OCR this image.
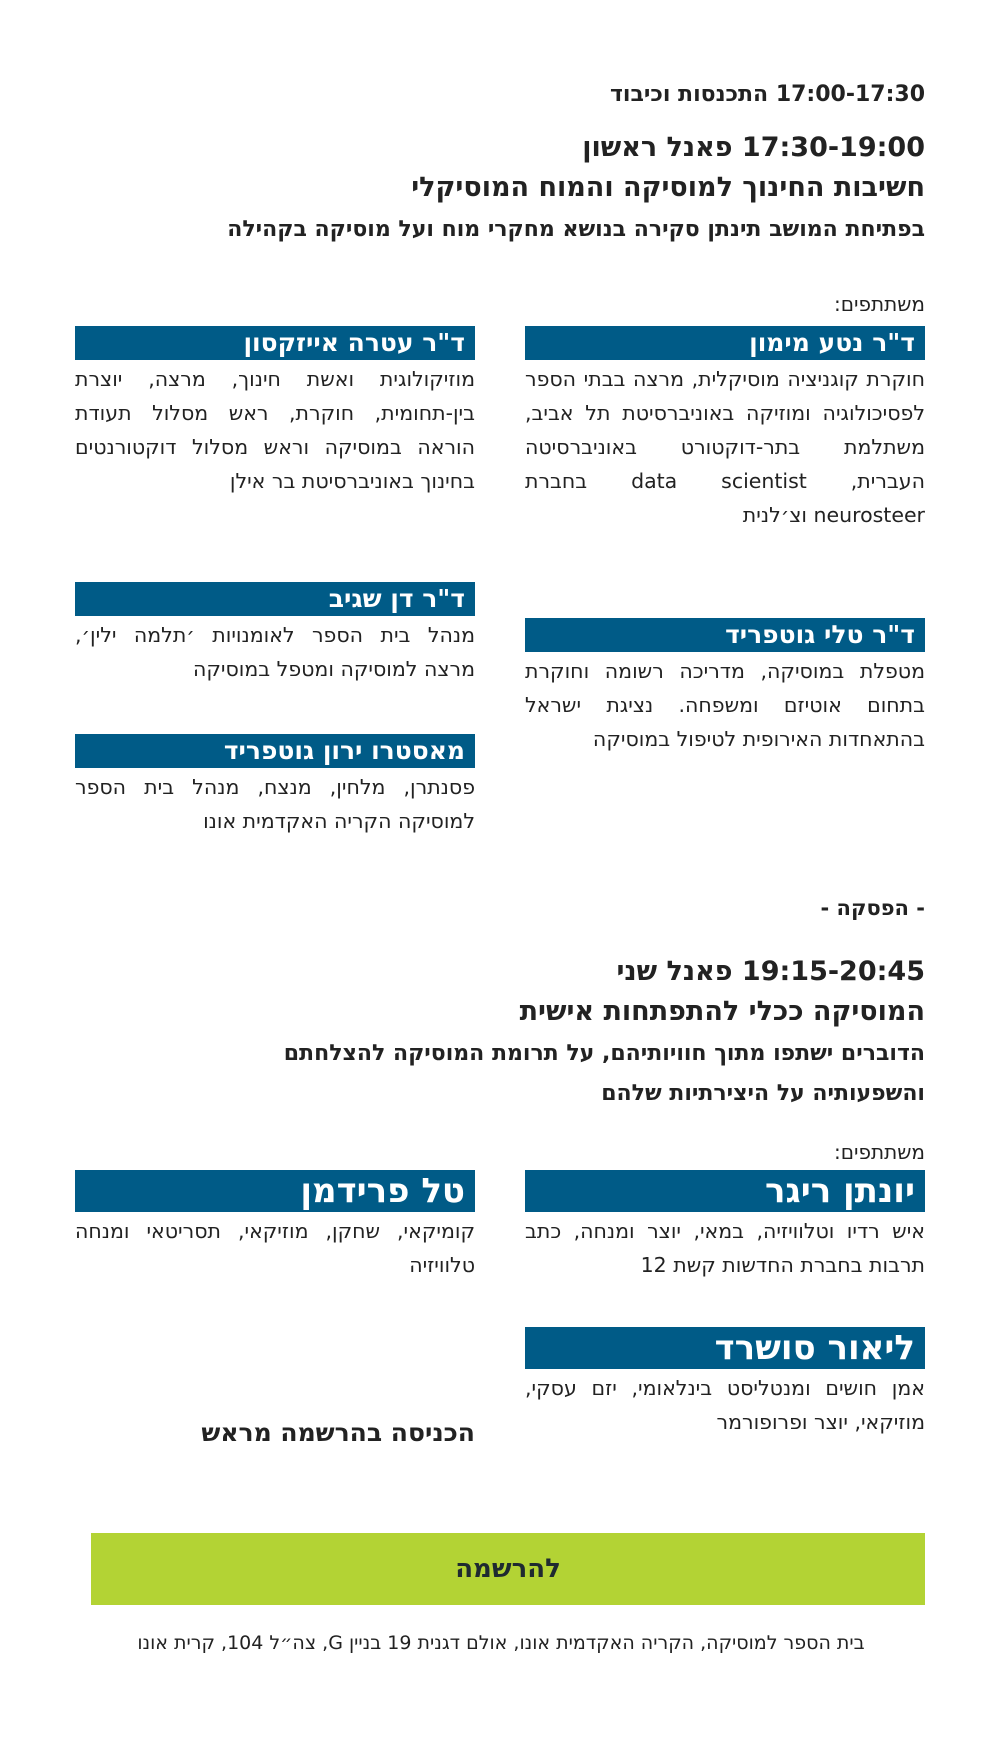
17:00-17:30 התכנסות וכיבוד
17:30-19:00 פאנל ראשון
חשיבות החינוך למוסיקה והמוח המוסיקלי
בפתיחת המושב תינתן סקירה בנושא מחקרי מוח ועל מוסיקה בקהילה
משתתפים:
ד"ר נטע מימון
חוקרת קוגניציה מוסיקלית, מרצה בבתי הספר לפסיכולוגיה ומוזיקה באוניברסיטת תל אביב, משתלמת בתר-דוקטורט באוניברסיטה העברית, data scientist בחברת neurosteer וצ׳לנית
ד"ר טלי גוטפריד
מטפלת במוסיקה, מדריכה רשומה וחוקרת בתחום אוטיזם ומשפחה. נציגת ישראל בהתאחדות האירופית לטיפול במוסיקה
ד"ר עטרה אייזקסון
מוזיקולוגית ואשת חינוך, מרצה, יוצרת בין-תחומית, חוקרת, ראש מסלול תעודת הוראה במוסיקה וראש מסלול דוקטורנטים בחינוך באוניברסיטת בר אילן
ד"ר דן שגיב
מנהל בית הספר לאומנויות ׳תלמה ילין׳, מרצה למוסיקה ומטפל במוסיקה
מאסטרו ירון גוטפריד
פסנתרן, מלחין, מנצח, מנהל בית הספר למוסיקה הקריה האקדמית אונו
- הפסקה -
19:15-20:45 פאנל שני
המוסיקה ככלי להתפתחות אישית
הדוברים ישתפו מתוך חוויותיהם, על תרומת המוסיקה להצלחתם
והשפעותיה על היצירתיות שלהם
משתתפים:
יונתן ריגר
איש רדיו וטלוויזיה, במאי, יוצר ומנחה, כתב תרבות בחברת החדשות קשת 12
טל פרידמן
קומיקאי, שחקן, מוזיקאי, תסריטאי ומנחה טלוויזיה
ליאור סושרד
אמן חושים ומנטליסט בינלאומי, יזם עסקי, מוזיקאי, יוצר ופרופורמר
הכניסה בהרשמה מראש
להרשמה
בית הספר למוסיקה, הקריה האקדמית אונו, אולם דגנית 19 בניין G, צה״ל 104, קרית אונו
